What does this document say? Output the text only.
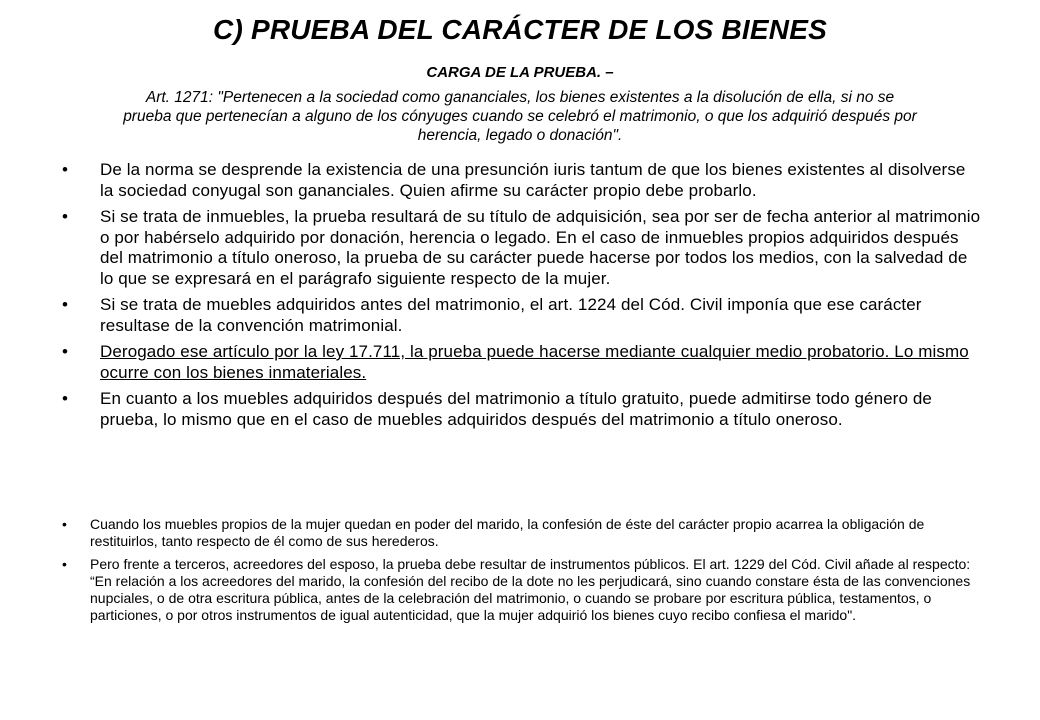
C) PRUEBA DEL CARÁCTER DE LOS BIENES
CARGA DE LA PRUEBA. –
Art. 1271: "Pertenecen a la sociedad como gananciales, los bienes existentes a la disolución de ella, si no se prueba que pertenecían a alguno de los cónyuges cuando se celebró el matrimonio, o que los adquirió después por herencia, legado o donación".
• De la norma se desprende la existencia de una presunción iuris tantum de que los bienes existentes al disolverse la sociedad conyugal son gananciales. Quien afirme su carácter propio debe probarlo.
• Si se trata de inmuebles, la prueba resultará de su título de adquisición, sea por ser de fecha anterior al matrimonio o por habérselo adquirido por donación, herencia o legado. En el caso de inmuebles propios adquiridos después del matrimonio a título oneroso, la prueba de su carácter puede hacerse por todos los medios, con la salvedad de lo que se expresará en el parágrafo siguiente respecto de la mujer.
• Si se trata de muebles adquiridos antes del matrimonio, el art. 1224 del Cód. Civil imponía que ese carácter resultase de la convención matrimonial.
• Derogado ese artículo por la ley 17.711, la prueba puede hacerse mediante cualquier medio probatorio. Lo mismo ocurre con los bienes inmateriales.
• En cuanto a los muebles adquiridos después del matrimonio a título gratuito, puede admitirse todo género de prueba, lo mismo que en el caso de muebles adquiridos después del matrimonio a título oneroso.
• Cuando los muebles propios de la mujer quedan en poder del marido, la confesión de éste del carácter propio acarrea la obligación de restituirlos, tanto respecto de él como de sus herederos.
• Pero frente a terceros, acreedores del esposo, la prueba debe resultar de instrumentos públicos. El art. 1229 del Cód. Civil añade al respecto: “En relación a los acreedores del marido, la confesión del recibo de la dote no les perjudicará, sino cuando constare ésta de las convenciones nupciales, o de otra escritura pública, antes de la celebración del matrimonio, o cuando se probare por escritura pública, testamentos, o particiones, o por otros instrumentos de igual autenticidad, que la mujer adquirió los bienes cuyo recibo confiesa el marido".
